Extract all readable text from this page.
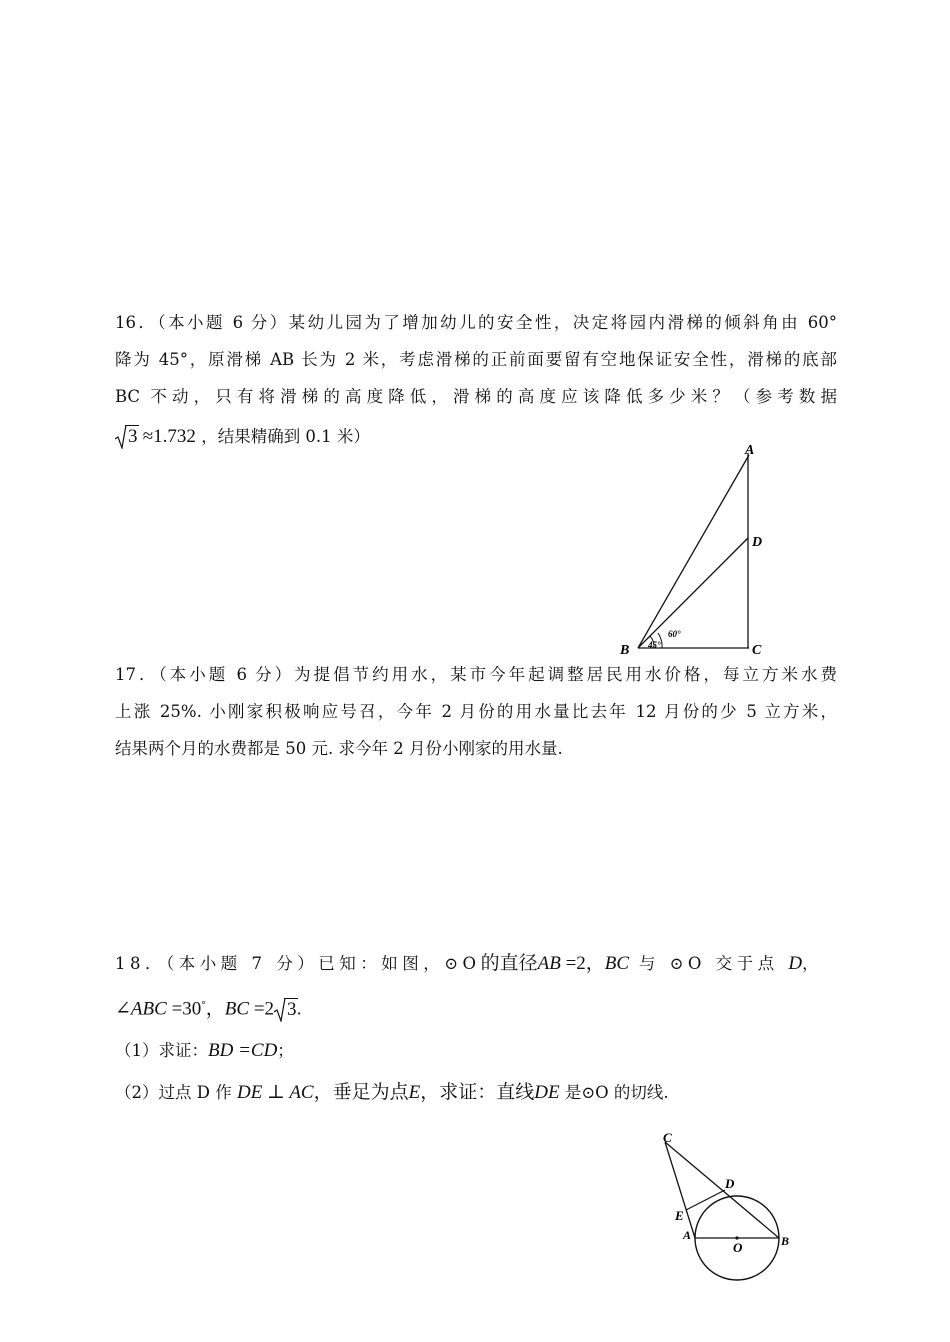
16．（本小题 6 分）某幼儿园为了增加幼儿的安全性，决定将园内滑梯的倾斜角由 60°
降为 45°，原滑梯 AB 长为 2 米，考虑滑梯的正前面要留有空地保证安全性，滑梯的底部
BC 不动，只有将滑梯的高度降低，滑梯的高度应该降低多少米？（参考数据
3 ≈1.732 ，结果精确到 0.1 米）
A
D
B	C
60°
45°
17．（本小题 6 分）为提倡节约用水，某市今年起调整居民用水价格，每立方米水费
上涨 25%. 小刚家积极响应号召，今年 2 月份的用水量比去年 12 月份的少 5 立方米，
结果两个月的水费都是 50 元. 求今年 2 月份小刚家的用水量.
18．（本小题 7 分）已知：如图，⊙O的直径AB =2，BC 与 ⊙O 交于点 D，
∠ABC =30°，BC =2 3.
（1）求证：BD =CD；
（2）过点 D 作 DE ⊥ AC，垂足为点E，求证：直线DE 是⊙O 的切线.
C
D
E
A
O	B
